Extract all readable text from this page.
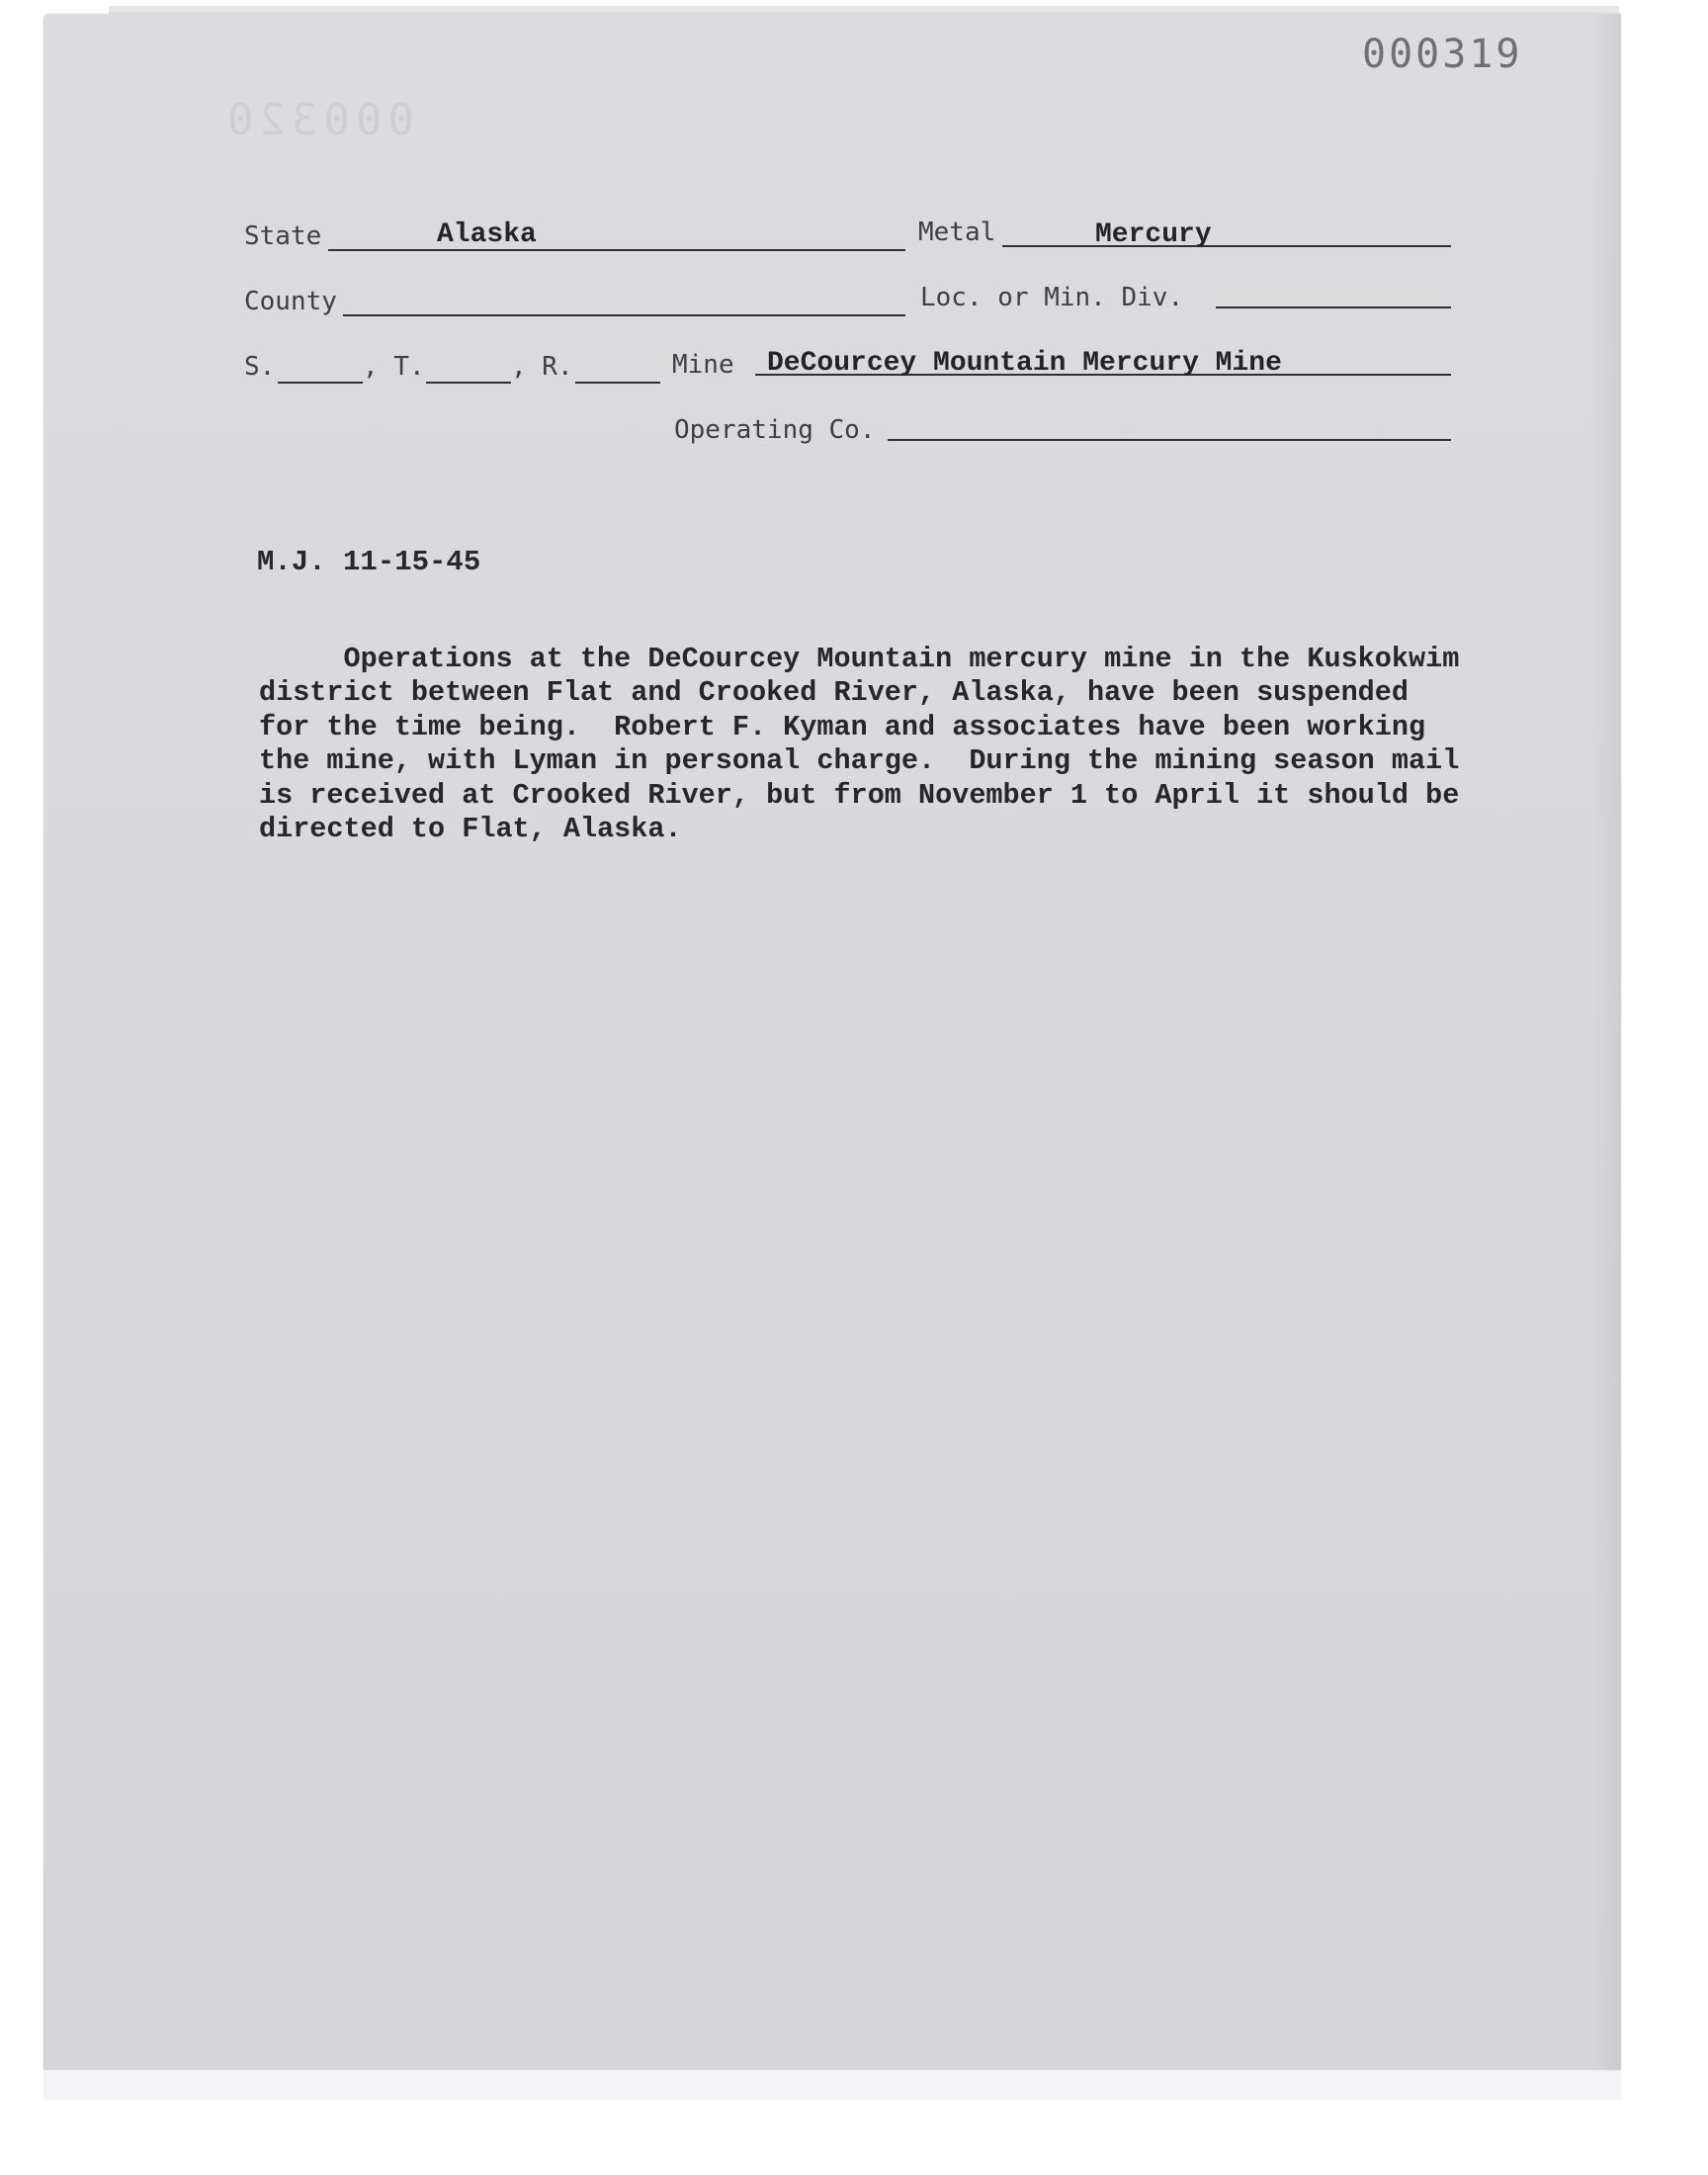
000320
000319
State	Alaska	Metal	Mercury
County	Loc. or Min. Div.
S.	, T.	, R.	Mine DeCourcey Mountain Mercury Mine
Operating Co.
M.J. 11-15-45
Operations at the DeCourcey Mountain mercury mine in the Kuskokwim
district between Flat and Crooked River, Alaska, have been suspended
for the time being.  Robert F. Kyman and associates have been working
the mine, with Lyman in personal charge.  During the mining season mail
is received at Crooked River, but from November 1 to April it should be
directed to Flat, Alaska.
